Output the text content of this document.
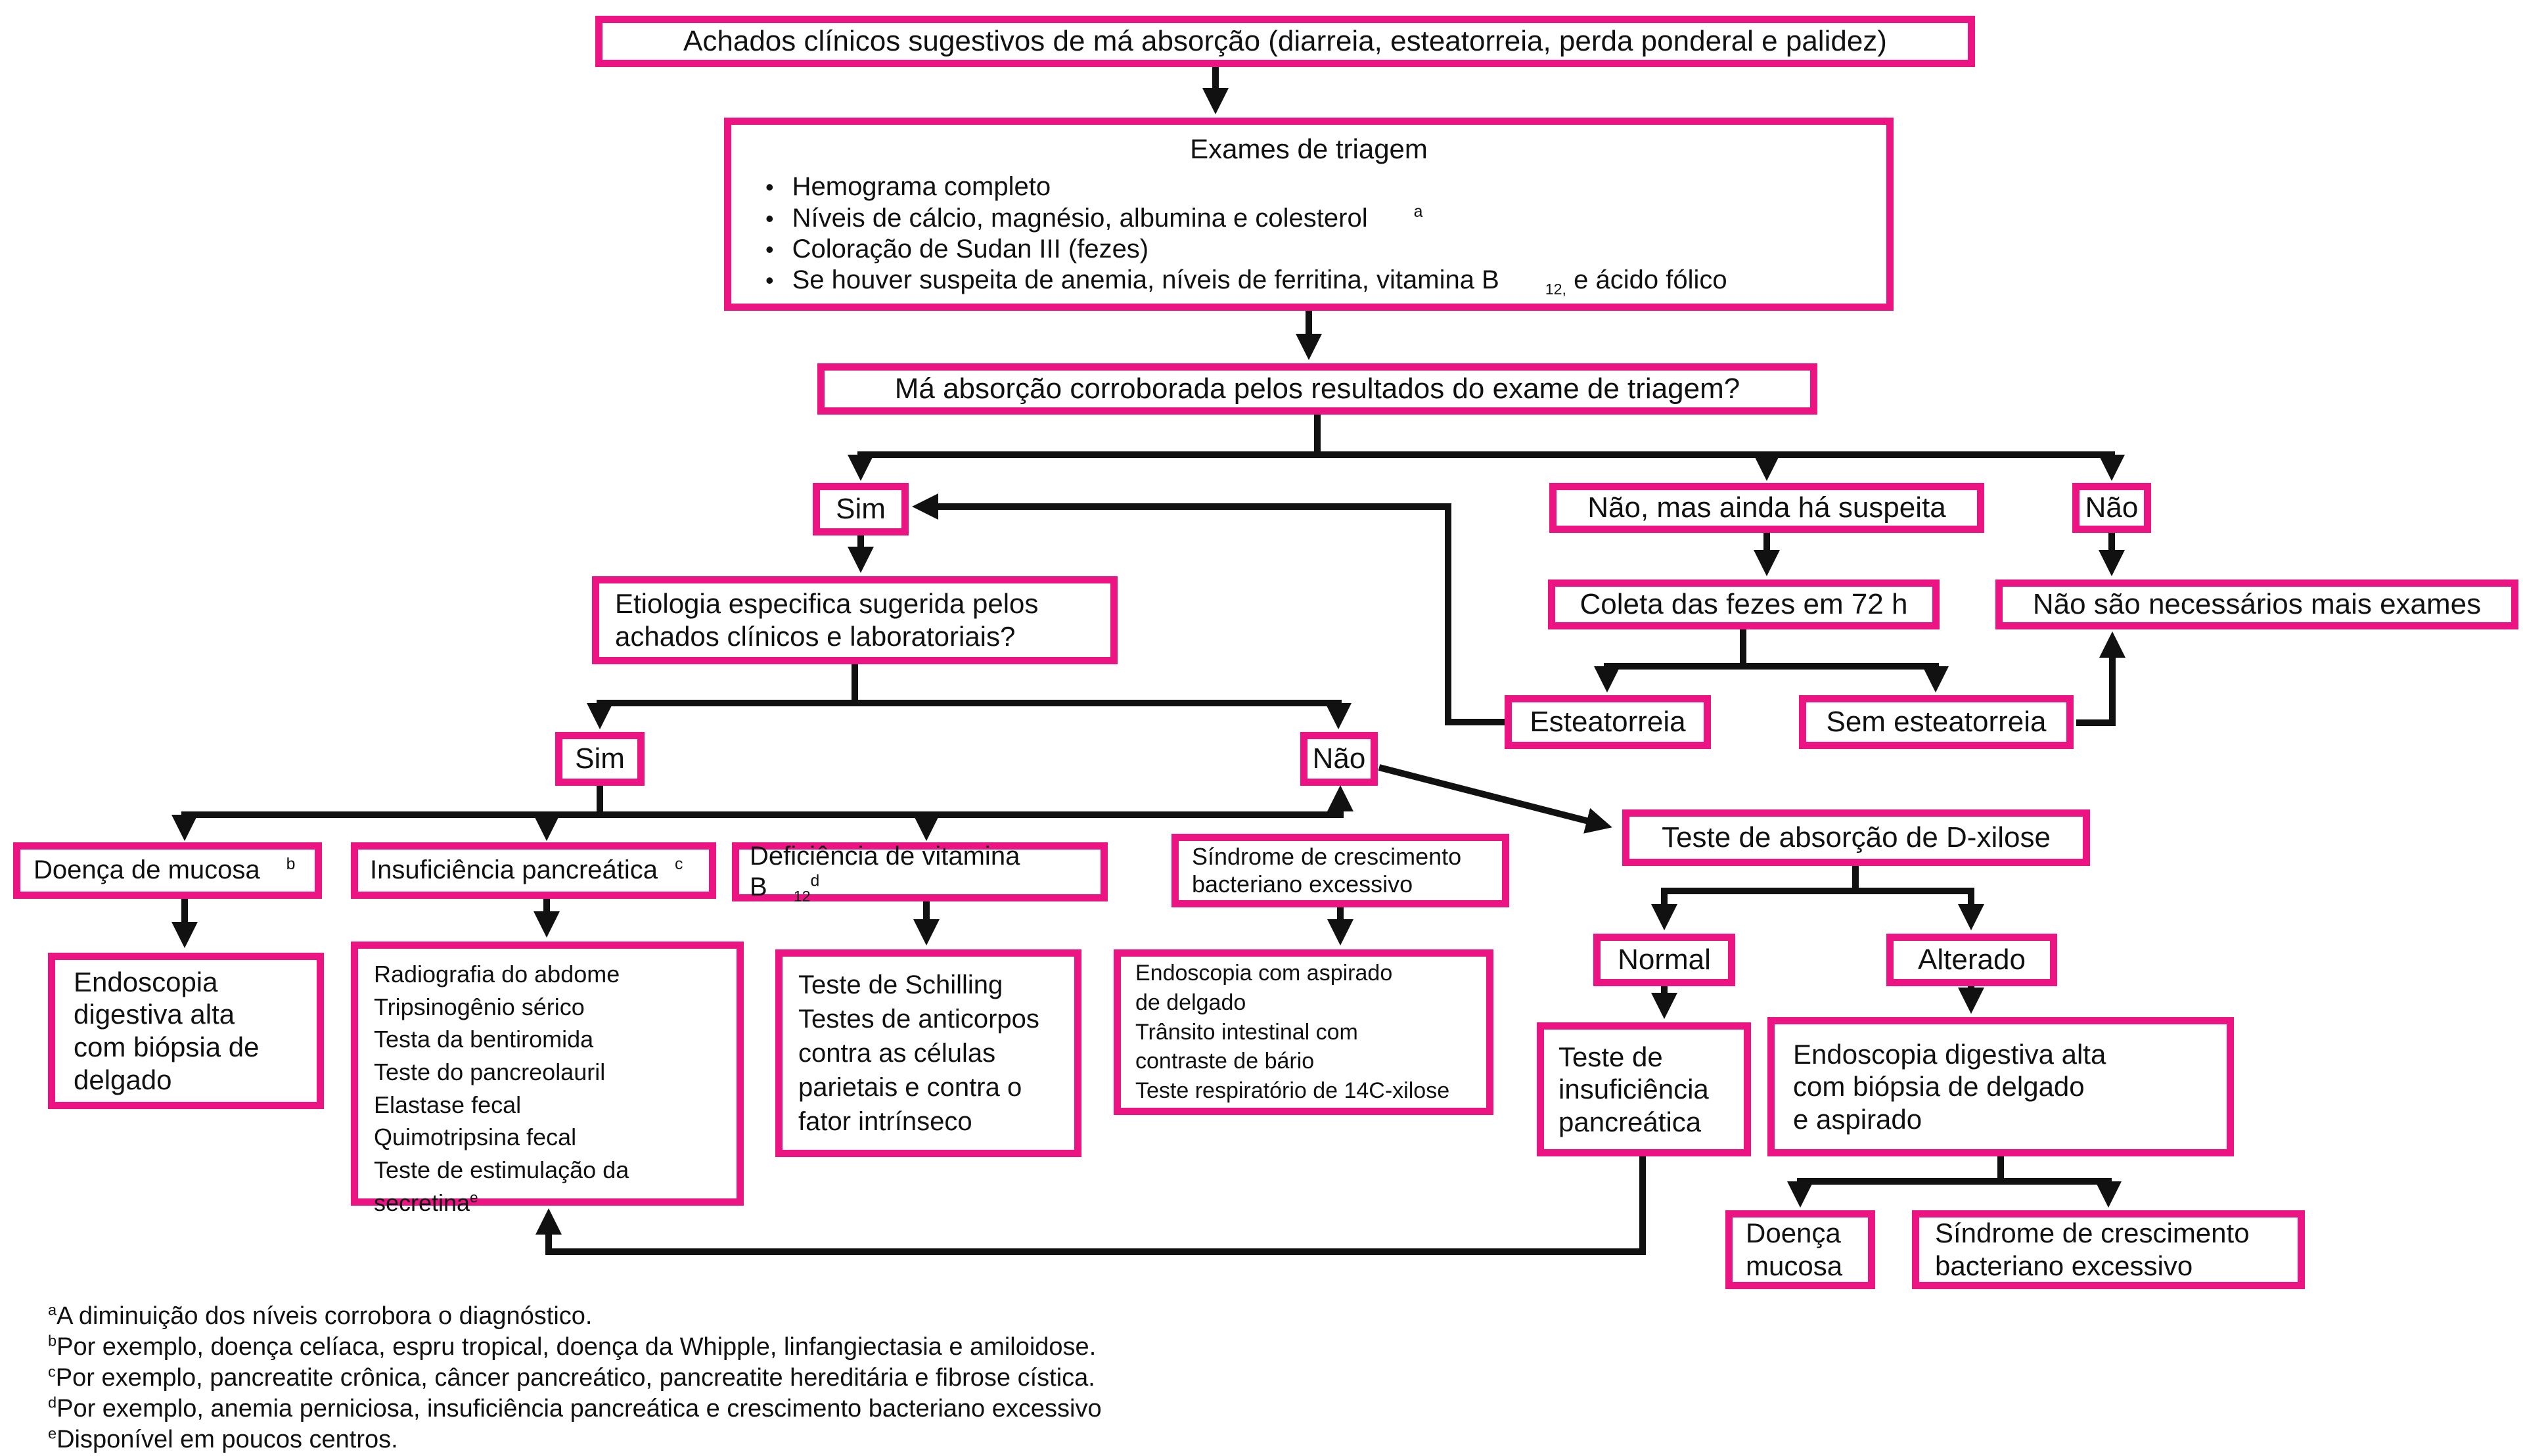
Achados clínicos sugestivos de má absorção (diarreia, esteatorreia, perda ponderal e palidez)
Exames de triagem
• Hemograma completo
• Níveis de cálcio, magnésio, albumina e colesterol	$^a$
• Coloração de Sudan III (fezes)
• Se houver suspeita de anemia, níveis de ferritina, vitamina B	$_{12,}$ e ácido fólico
Má absorção corroborada pelos resultados do exame de triagem?
Sim	Não, mas ainda há suspeita	Não
Etiologia especifica sugerida pelos
achados clínicos e laboratoriais?
Coleta das fezes em 72 h	Não são necessários mais exames
Esteatorreia	Sem esteatorreia
Sim	Não
Teste de absorção de D-xilose
Doença de mucosa $^b$	Insuficiência pancreática $^c$	Deficiência de vitamina B $_{12}^d$
Síndrome de crescimento
bacteriano excessivo
Endoscopia
digestiva alta
com biópsia de
delgado
Radiografia do abdome
Tripsinogênio sérico
Testa da bentiromida
Teste do pancreolauril
Elastase fecal
Quimotripsina fecal
Teste de estimulação da
secretina$^e$
Teste de Schilling
Testes de anticorpos
contra as células
parietais e contra o
fator intrínseco
Endoscopia com aspirado
de delgado
Trânsito intestinal com
contraste de bário
Teste respiratório de 14C-xilose
Normal	Alterado
Teste de
insuficiência
pancreática
Endoscopia digestiva alta
com biópsia de delgado
e aspirado
Doença
mucosa
Síndrome de crescimento
bacteriano excessivo
$^a$A diminuição dos níveis corrobora o diagnóstico.
$^b$Por exemplo, doença celíaca, espru tropical, doença da Whipple, linfangiectasia e amiloidose.
$^c$Por exemplo, pancreatite crônica, câncer pancreático, pancreatite hereditária e fibrose cística.
$^d$Por exemplo, anemia perniciosa, insuficiência pancreática e crescimento bacteriano excessivo
$^e$Disponível em poucos centros.
